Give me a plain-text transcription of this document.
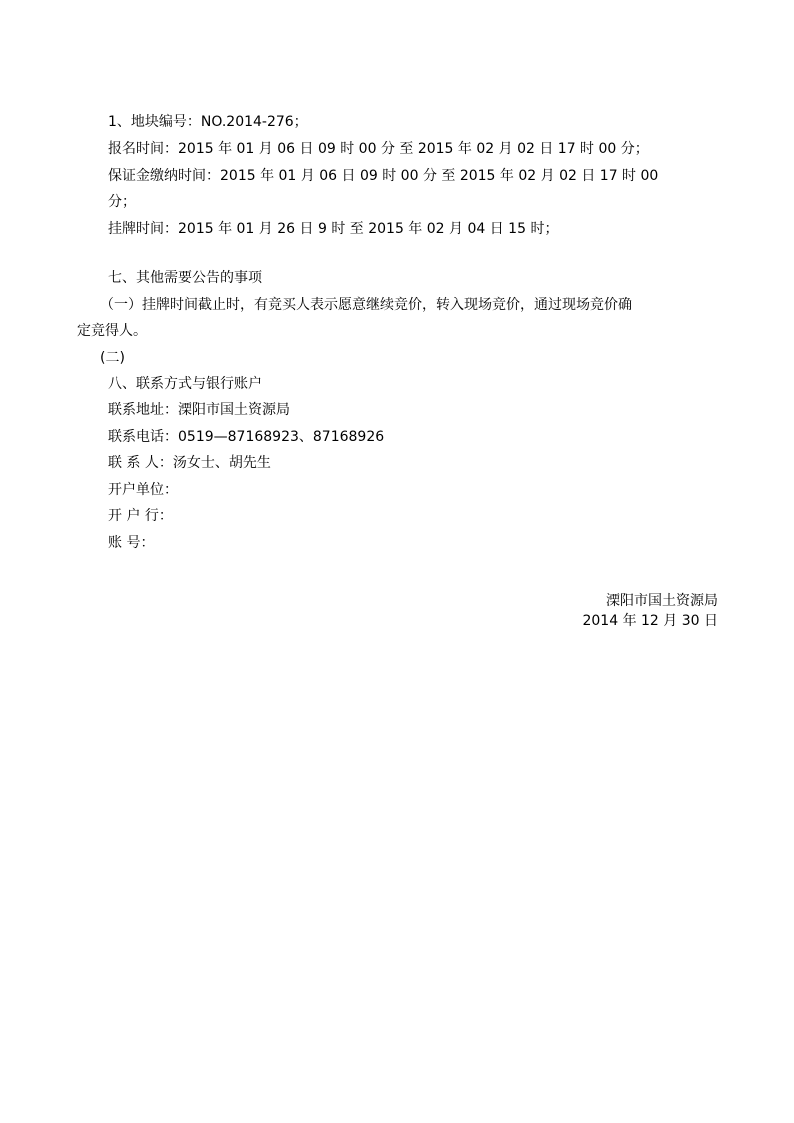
1、地块编号：NO.2014-276；
报名时间：2015 年 01 月 06 日 09 时 00 分 至 2015 年 02 月 02 日 17 时 00 分；
保证金缴纳时间：2015 年 01 月 06 日 09 时 00 分 至 2015 年 02 月 02 日 17 时 00
分；
挂牌时间：2015 年 01 月 26 日 9 时 至 2015 年 02 月 04 日 15 时；
七、其他需要公告的事项
（一）挂牌时间截止时，有竞买人表示愿意继续竞价，转入现场竞价，通过现场竞价确
定竞得人。
(二)
八、联系方式与银行账户
联系地址：溧阳市国土资源局
联系电话：0519—87168923、87168926
联 系 人：汤女士、胡先生
开户单位：
开 户 行：
账 号：
溧阳市国土资源局
2014 年 12 月 30 日
